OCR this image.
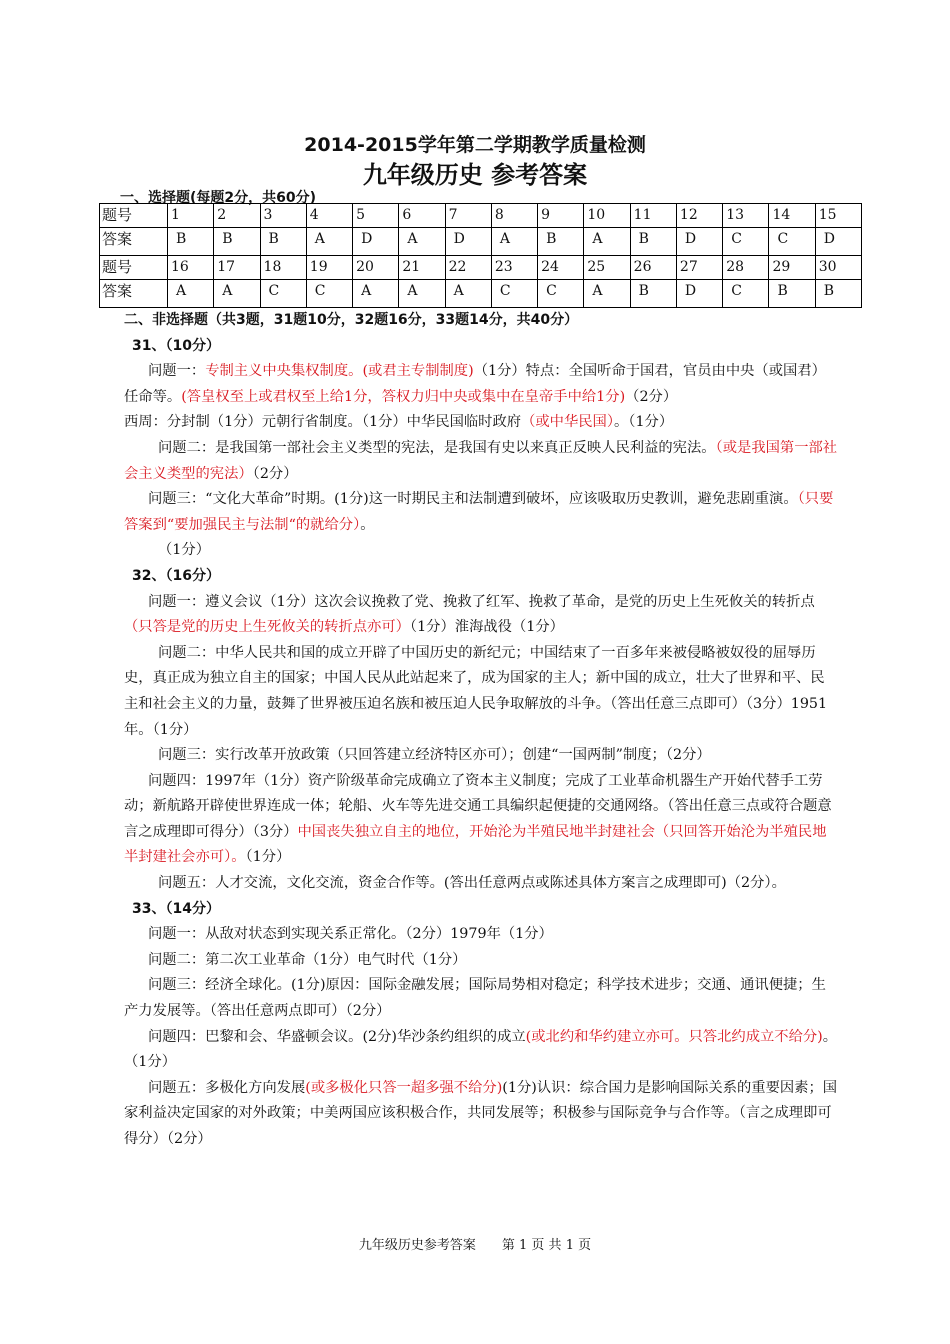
2014-2015学年第二学期教学质量检测
九年级历史 参考答案
一、选择题(每题2分，共60分)
题号	1	2	3	4	5	6	7	8	9	10	11	12	13	14	15
答案	B	B	B	A	D	A	D	A	B	A	B	D	C	C	D
题号	16	17	18	19	20	21	22	23	24	25	26	27	28	29	30
答案	A	A	C	C	A	A	A	C	C	A	B	D	C	B	B

二、非选择题（共3题，31题10分，32题16分，33题14分，共40分）

31、（10分）

问题一：专制主义中央集权制度。(或君主专制制度)（1分）特点：全国听命于国君，官员由中央（或国君）任命等。(答皇权至上或君权至上给1分，答权力归中央或集中在皇帝手中给1分)（2分）

西周：分封制（1分）元朝行省制度。（1分）中华民国临时政府（或中华民国）。（1分）

问题二：是我国第一部社会主义类型的宪法，是我国有史以来真正反映人民利益的宪法。（或是我国第一部社会主义类型的宪法）（2分）

问题三：“文化大革命”时期。(1分)这一时期民主和法制遭到破坏，应该吸取历史教训，避免悲剧重演。（只要答案到“要加强民主与法制“的就给分）。

（1分）

32、（16分）

问题一：遵义会议（1分）这次会议挽救了党、挽救了红军、挽救了革命，是党的历史上生死攸关的转折点（只答是党的历史上生死攸关的转折点亦可）（1分）淮海战役（1分）

问题二：中华人民共和国的成立开辟了中国历史的新纪元；中国结束了一百多年来被侵略被奴役的屈辱历史，真正成为独立自主的国家；中国人民从此站起来了，成为国家的主人；新中国的成立，壮大了世界和平、民主和社会主义的力量，鼓舞了世界被压迫名族和被压迫人民争取解放的斗争。（答出任意三点即可）（3分）1951年。（1分）

问题三：实行改革开放政策（只回答建立经济特区亦可）；创建“一国两制”制度；（2分）

问题四：1997年（1分）资产阶级革命完成确立了资本主义制度；完成了工业革命机器生产开始代替手工劳动；新航路开辟使世界连成一体；轮船、火车等先进交通工具编织起便捷的交通网络。（答出任意三点或符合题意言之成理即可得分）（3分）中国丧失独立自主的地位，开始沦为半殖民地半封建社会（只回答开始沦为半殖民地半封建社会亦可）。（1分）

问题五：人才交流，文化交流，资金合作等。(答出任意两点或陈述具体方案言之成理即可)（2分）。

33、（14分）

问题一：从敌对状态到实现关系正常化。（2分）1979年（1分）

问题二：第二次工业革命（1分）电气时代（1分）

问题三：经济全球化。(1分)原因：国际金融发展；国际局势相对稳定；科学技术进步；交通、通讯便捷；生产力发展等。（答出任意两点即可）（2分）

问题四：巴黎和会、华盛顿会议。(2分)华沙条约组织的成立(或北约和华约建立亦可。只答北约成立不给分)。（1分）

问题五：多极化方向发展(或多极化只答一超多强不给分)(1分)认识：综合国力是影响国际关系的重要因素；国家利益决定国家的对外政策；中美两国应该积极合作，共同发展等；积极参与国际竞争与合作等。（言之成理即可得分）（2分）

九年级历史参考答案　　第 1 页 共 1 页
